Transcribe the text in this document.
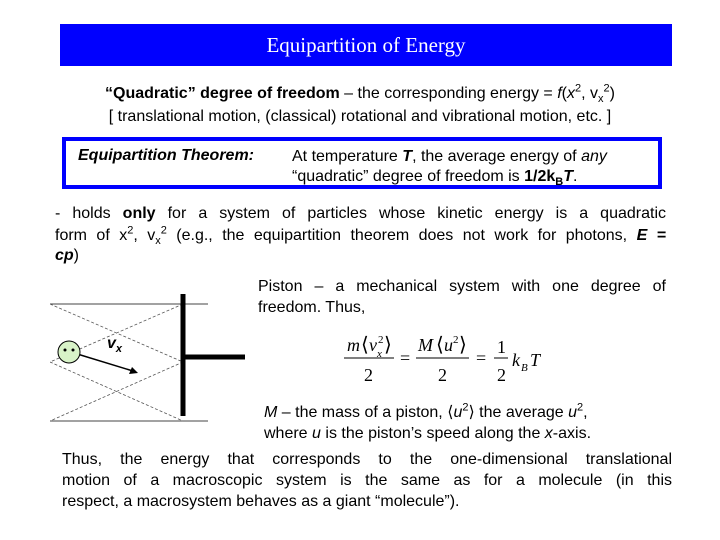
Equipartition of Energy
“Quadratic” degree of freedom – the corresponding energy = $f(x^2$, $v_x^2$)
[ translational motion, (classical) rotational and vibrational motion, etc. ]
Equipartition Theorem: At temperature T, the average energy of any
“quadratic” degree of freedom is $1/2k_BT$.
- holds only for a system of particles whose kinetic energy is a quadratic
form of $x^2$, $v_x^2$ (e.g., the equipartition theorem does not work for photons, E =
cp)
Piston – a mechanical system with one degree of
freedom. Thus,
$v_x$	m ⟨ v 2
x ⟩
2
=
M ⟨ u 2 ⟩
2
=
1
2
k B T
M – the mass of a piston, $⟨u^2⟩$ the average $u^2$,
where u is the piston’s speed along the x-axis.
Thus, the energy that corresponds to the one-dimensional translational
motion of a macroscopic system is the same as for a molecule (in this
respect, a macrosystem behaves as a giant “molecule”).
